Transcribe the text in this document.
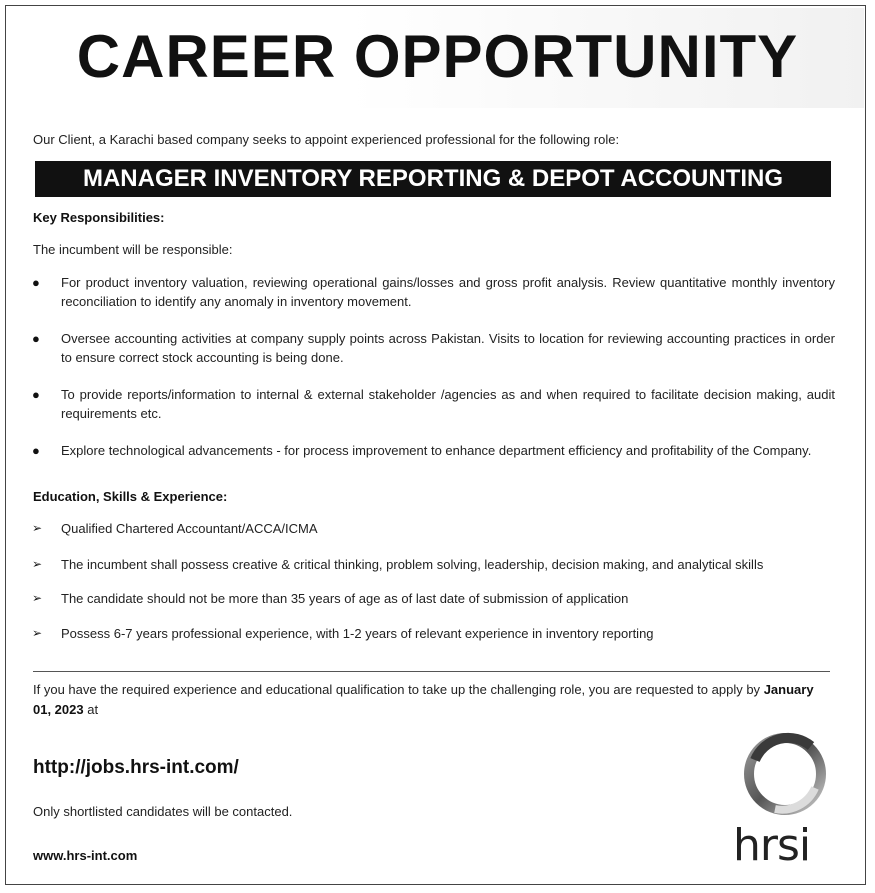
CAREER OPPORTUNITY
Our Client, a Karachi based company seeks to appoint experienced professional for the following role:
MANAGER INVENTORY REPORTING & DEPOT ACCOUNTING
Key Responsibilities:
The incumbent will be responsible:
● For product inventory valuation, reviewing operational gains/losses and gross profit analysis. Review quantitative monthly inventory reconciliation to identify any anomaly in inventory movement.
● Oversee accounting activities at company supply points across Pakistan. Visits to location for reviewing accounting practices in order to ensure correct stock accounting is being done.
● To provide reports/information to internal & external stakeholder /agencies as and when required to facilitate decision making, audit requirements etc.
● Explore technological advancements - for process improvement to enhance department efficiency and profitability of the Company.
Education, Skills & Experience:
➢ Qualified Chartered Accountant/ACCA/ICMA
➢ The incumbent shall possess creative & critical thinking, problem solving, leadership, decision making, and analytical skills
➢ The candidate should not be more than 35 years of age as of last date of submission of application
➢ Possess 6-7 years professional experience, with 1-2 years of relevant experience in inventory reporting
If you have the required experience and educational qualification to take up the challenging role, you are requested to apply by January 01, 2023 at
http://jobs.hrs-int.com/
Only shortlisted candidates will be contacted.
www.hrs-int.com	hrsi
